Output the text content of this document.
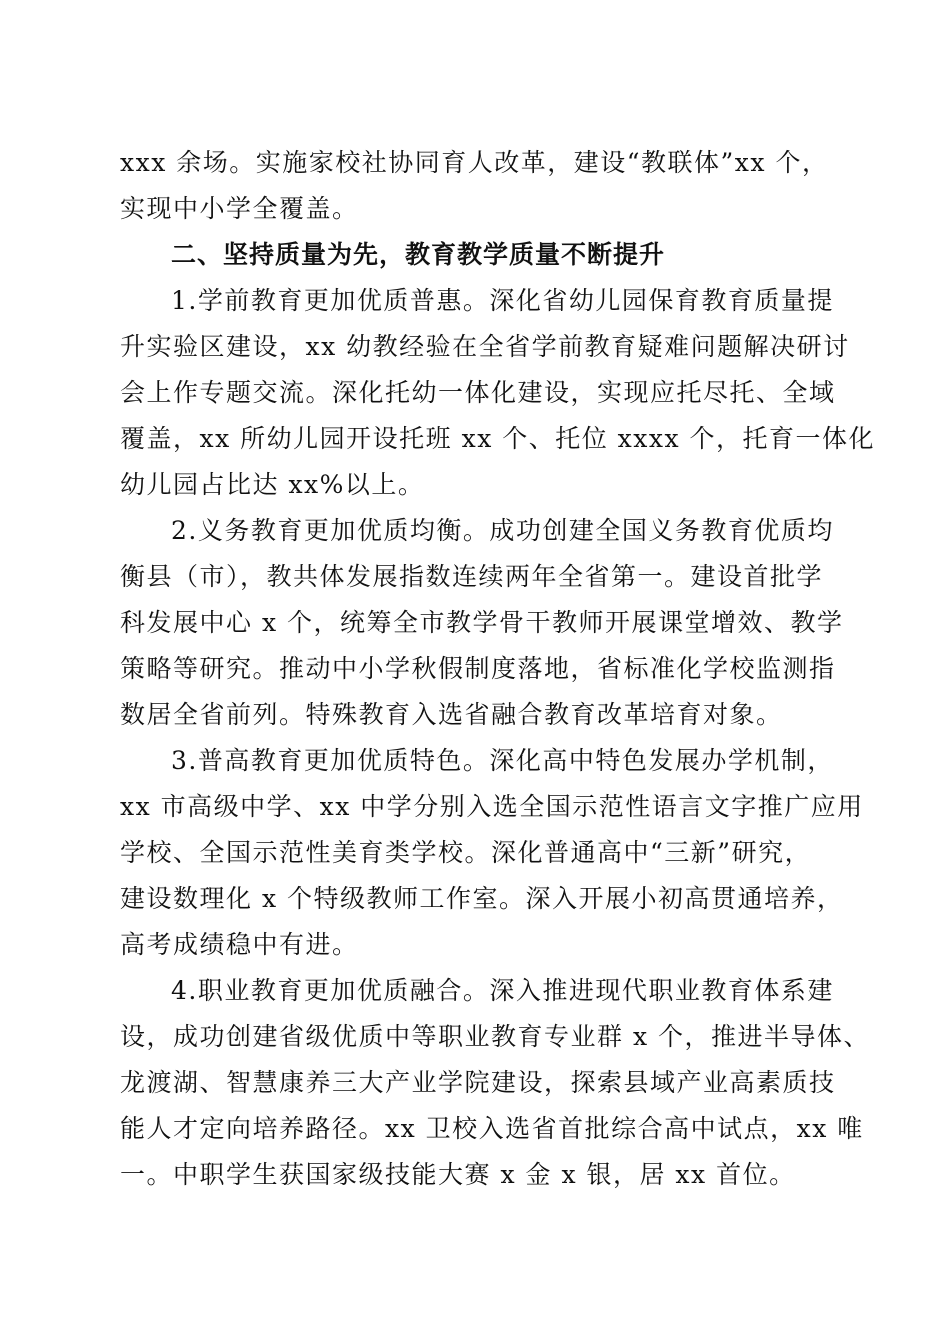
xxx 余场。实施家校社协同育人改革，建设“教联体”xx 个，
实现中小学全覆盖。
二、坚持质量为先，教育教学质量不断提升
1.学前教育更加优质普惠。深化省幼儿园保育教育质量提
升实验区建设，xx 幼教经验在全省学前教育疑难问题解决研讨
会上作专题交流。深化托幼一体化建设，实现应托尽托、全域
覆盖，xx 所幼儿园开设托班 xx 个、托位 xxxx 个，托育一体化
幼儿园占比达 xx%以上。
2.义务教育更加优质均衡。成功创建全国义务教育优质均
衡县（市），教共体发展指数连续两年全省第一。建设首批学
科发展中心 x 个，统筹全市教学骨干教师开展课堂增效、教学
策略等研究。推动中小学秋假制度落地，省标准化学校监测指
数居全省前列。特殊教育入选省融合教育改革培育对象。
3.普高教育更加优质特色。深化高中特色发展办学机制，
xx 市高级中学、xx 中学分别入选全国示范性语言文字推广应用
学校、全国示范性美育类学校。深化普通高中“三新”研究，
建设数理化 x 个特级教师工作室。深入开展小初高贯通培养，
高考成绩稳中有进。
4.职业教育更加优质融合。深入推进现代职业教育体系建
设，成功创建省级优质中等职业教育专业群 x 个，推进半导体、
龙渡湖、智慧康养三大产业学院建设，探索县域产业高素质技
能人才定向培养路径。xx 卫校入选省首批综合高中试点，xx 唯
一。中职学生获国家级技能大赛 x 金 x 银，居 xx 首位。
